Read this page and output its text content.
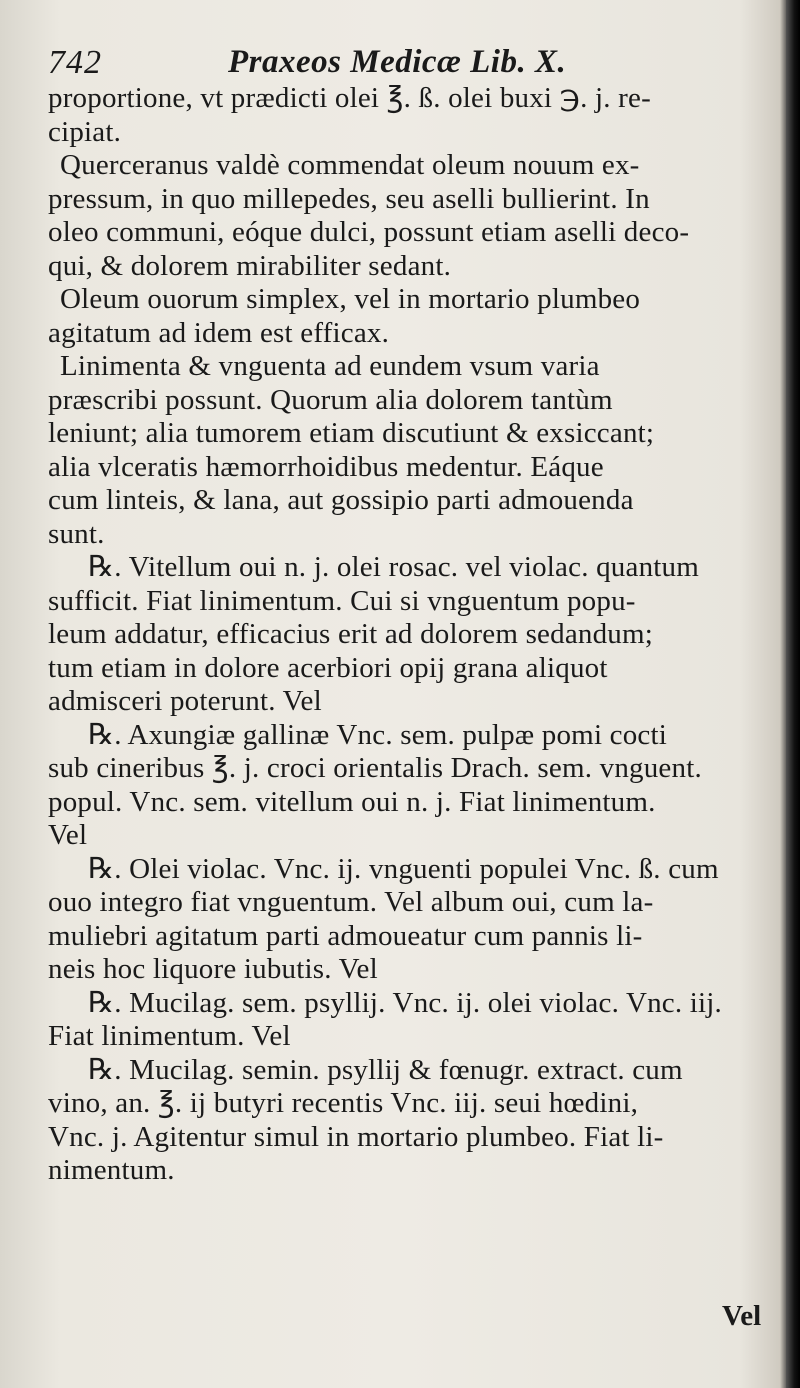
742	Praxeos Medicæ Lib. X.
proportione, vt prædicti olei ℥. ß. olei buxi ℈. j. re-
cipiat.
Querceranus valdè commendat oleum nouum ex-
pressum, in quo millepedes, seu aselli bullierint. In
oleo communi, eóque dulci, possunt etiam aselli deco-
qui, & dolorem mirabiliter sedant.
Oleum ouorum simplex, vel in mortario plumbeo
agitatum ad idem est efficax.
Linimenta & vnguenta ad eundem vsum varia
præscribi possunt. Quorum alia dolorem tantùm
leniunt; alia tumorem etiam discutiunt & exsiccant;
alia vlceratis hæmorrhoidibus medentur. Eáque
cum linteis, & lana, aut gossipio parti admouenda
sunt.
℞. Vitellum oui n. j. olei rosac. vel violac. quantum
sufficit. Fiat linimentum. Cui si vnguentum popu-
leum addatur, efficacius erit ad dolorem sedandum;
tum etiam in dolore acerbiori opij grana aliquot
admisceri poterunt. Vel
℞. Axungiæ gallinæ Vnc. sem. pulpæ pomi cocti
sub cineribus ℥. j. croci orientalis Drach. sem. vnguent.
popul. Vnc. sem. vitellum oui n. j. Fiat linimentum.
Vel
℞. Olei violac. Vnc. ij. vnguenti populei Vnc. ß. cum
ouo integro fiat vnguentum. Vel album oui, cum la-
muliebri agitatum parti admoueatur cum pannis li-
neis hoc liquore iubutis. Vel
℞. Mucilag. sem. psyllij. Vnc. ij. olei violac. Vnc. iij.
Fiat linimentum. Vel
℞. Mucilag. semin. psyllij & fœnugr. extract. cum
vino, an. ℥. ij butyri recentis Vnc. iij. seui hœdini,
Vnc. j. Agitentur simul in mortario plumbeo. Fiat li-
nimentum.
Vel
